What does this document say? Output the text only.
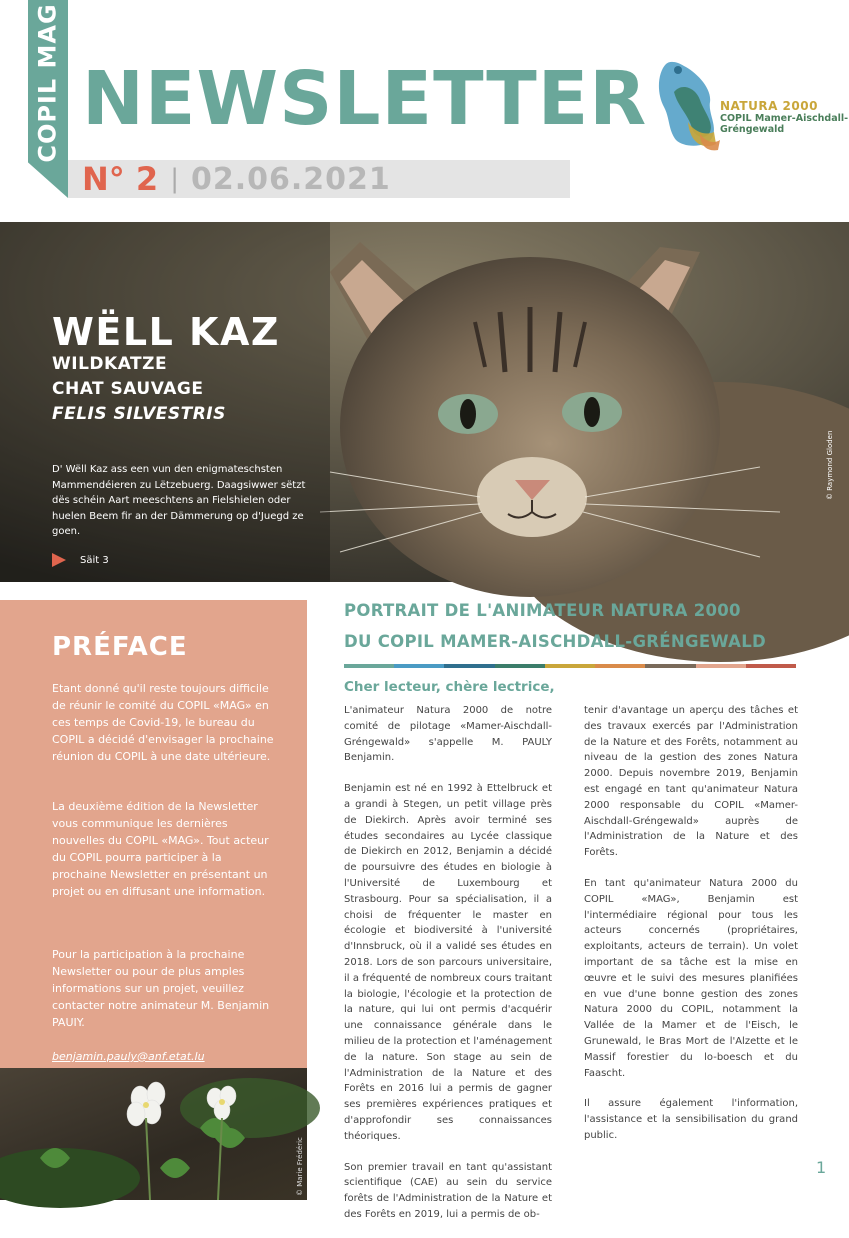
COPIL MAG NEWSLETTER
N° 2 | 02.06.2021
NATURA 2000
COPIL Mamer-Aischdall-
Gréngewald
WËLL KAZ
WILDKATZE
CHAT SAUVAGE
FELIS SILVESTRIS
D' Wëll Kaz ass een vun den enigmateschsten Mammendéieren zu Lëtzebuerg. Daagsiwwer sëtzt dës schéin Aart meeschtens an Fielshielen oder huelen Beem fir an der Dämmerung op d'Juegd ze goen.
Säit 3
© Raymond Gloden
PRÉFACE
Etant donné qu'il reste toujours difficile de réunir le comité du COPIL «MAG» en ces temps de Covid-19, le bureau du COPIL a décidé d'envisager la prochaine réunion du COPIL à une date ultérieure.
La deuxième édition de la Newsletter vous communique les dernières nouvelles du COPIL «MAG». Tout acteur du COPIL pourra participer à la prochaine Newsletter en présentant un projet ou en diffusant une information.
Pour la participation à la prochaine Newsletter ou pour de plus amples informations sur un projet, veuillez contacter notre animateur M. Benjamin PAUIY.
benjamin.pauly@anf.etat.lu
© Marie Frédéric
PORTRAIT DE L'ANIMATEUR NATURA 2000
DU COPIL MAMER-AISCHDALL-GRÉNGEWALD
Cher lecteur, chère lectrice,

L'animateur Natura 2000 de notre comité de pilotage «Mamer-Aischdall-Gréngewald» s'appelle M. PAULY Benjamin.

Benjamin est né en 1992 à Ettelbruck et a grandi à Stegen, un petit village près de Diekirch. Après avoir terminé ses études secondaires au Lycée classique de Diekirch en 2012, Benjamin a décidé de poursuivre des études en biologie à l'Université de Luxembourg et Strasbourg. Pour sa spécialisation, il a choisi de fréquenter le master en écologie et biodiversité à l'université d'Innsbruck, où il a validé ses études en 2018. Lors de son parcours universitaire, il a fréquenté de nombreux cours traitant la biologie, l'écologie et la protection de la nature, qui lui ont permis d'acquérir une connaissance générale dans le milieu de la protection et l'aménagement de la nature. Son stage au sein de l'Administration de la Nature et des Forêts en 2016 lui a permis de gagner ses premières expériences pratiques et d'approfondir ses connaissances théoriques.

Son premier travail en tant qu'assistant scientifique (CAE) au sein du service forêts de l'Administration de la Nature et des Forêts en 2019, lui a permis de ob-

tenir d'avantage un aperçu des tâches et des travaux exercés par l'Administration de la Nature et des Forêts, notamment au niveau de la gestion des zones Natura 2000. Depuis novembre 2019, Benjamin est engagé en tant qu'animateur Natura 2000 responsable du COPIL «Mamer-Aischdall-Gréngewald» auprès de l'Administration de la Nature et des Forêts.

En tant qu'animateur Natura 2000 du COPIL «MAG», Benjamin est l'intermédiaire régional pour tous les acteurs concernés (propriétaires, exploitants, acteurs de terrain). Un volet important de sa tâche est la mise en œuvre et le suivi des mesures planifiées en vue d'une bonne gestion des zones Natura 2000 du COPIL, notamment la Vallée de la Mamer et de l'Eisch, le Grunewald, le Bras Mort de l'Alzette et le Massif forestier du lo-boesch et du Faascht.

Il assure également l'information, l'assistance et la sensibilisation du grand public.

1
